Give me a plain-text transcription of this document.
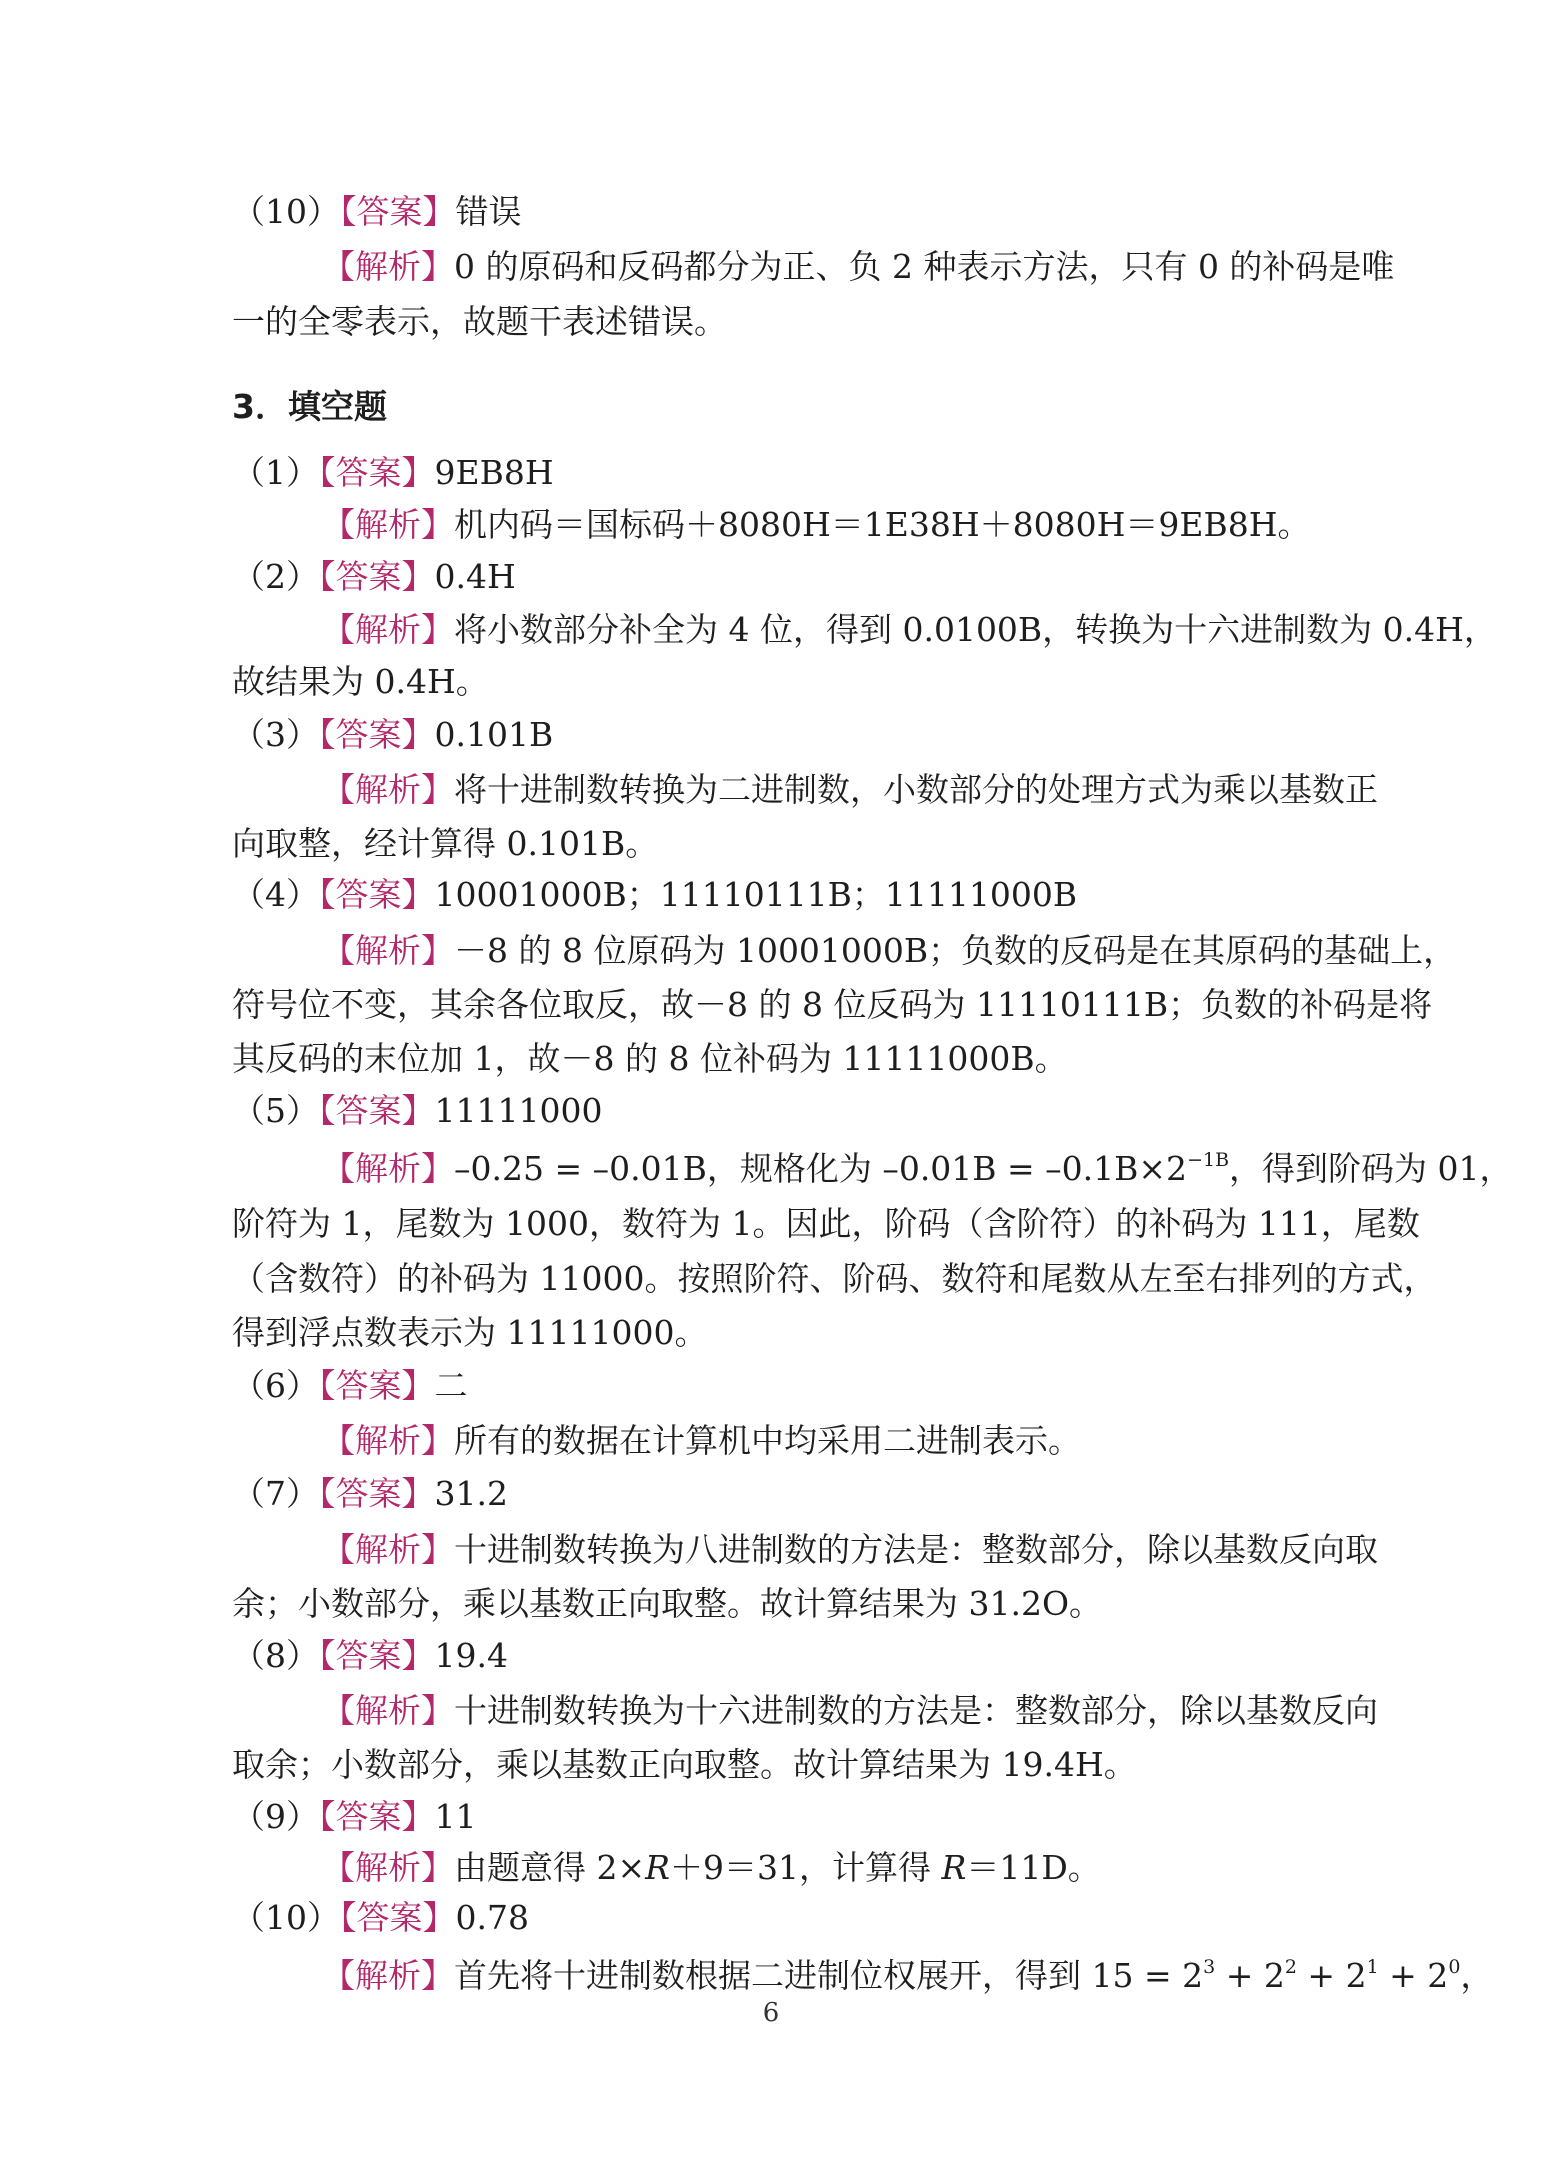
（10）【答案】错误
【解析】0 的原码和反码都分为正、负 2 种表示方法，只有 0 的补码是唯
一的全零表示，故题干表述错误。
3．填空题
（1）【答案】9EB8H
【解析】机内码＝国标码＋8080H＝1E38H＋8080H＝9EB8H。
（2）【答案】0.4H
【解析】将小数部分补全为 4 位，得到 0.0100B，转换为十六进制数为 0.4H，
故结果为 0.4H。
（3）【答案】0.101B
【解析】将十进制数转换为二进制数，小数部分的处理方式为乘以基数正
向取整，经计算得 0.101B。
（4）【答案】10001000B；11110111B；11111000B
【解析】－8 的 8 位原码为 10001000B；负数的反码是在其原码的基础上，
符号位不变，其余各位取反，故－8 的 8 位反码为 11110111B；负数的补码是将
其反码的末位加 1，故－8 的 8 位补码为 11111000B。
（5）【答案】11111000
【解析】–0.25 = –0.01B，规格化为 $-0.01B = -0.1B\times 2^{-1B}$，得到阶码为 01，
阶符为 1，尾数为 1000，数符为 1。因此，阶码（含阶符）的补码为 111，尾数
（含数符）的补码为 11000。按照阶符、阶码、数符和尾数从左至右排列的方式，
得到浮点数表示为 11111000。
（6）【答案】二
【解析】所有的数据在计算机中均采用二进制表示。
（7）【答案】31.2
【解析】十进制数转换为八进制数的方法是：整数部分，除以基数反向取
余；小数部分，乘以基数正向取整。故计算结果为 31.2O。
（8）【答案】19.4
【解析】十进制数转换为十六进制数的方法是：整数部分，除以基数反向
取余；小数部分，乘以基数正向取整。故计算结果为 19.4H。
（9）【答案】11
【解析】由题意得 2×R＋9＝31，计算得 R＝11D。
（10）【答案】0.78
【解析】首先将十进制数根据二进制位权展开，得到 $15 = 2^3 + 2^2 + 2^1 + 2^0$，
6
